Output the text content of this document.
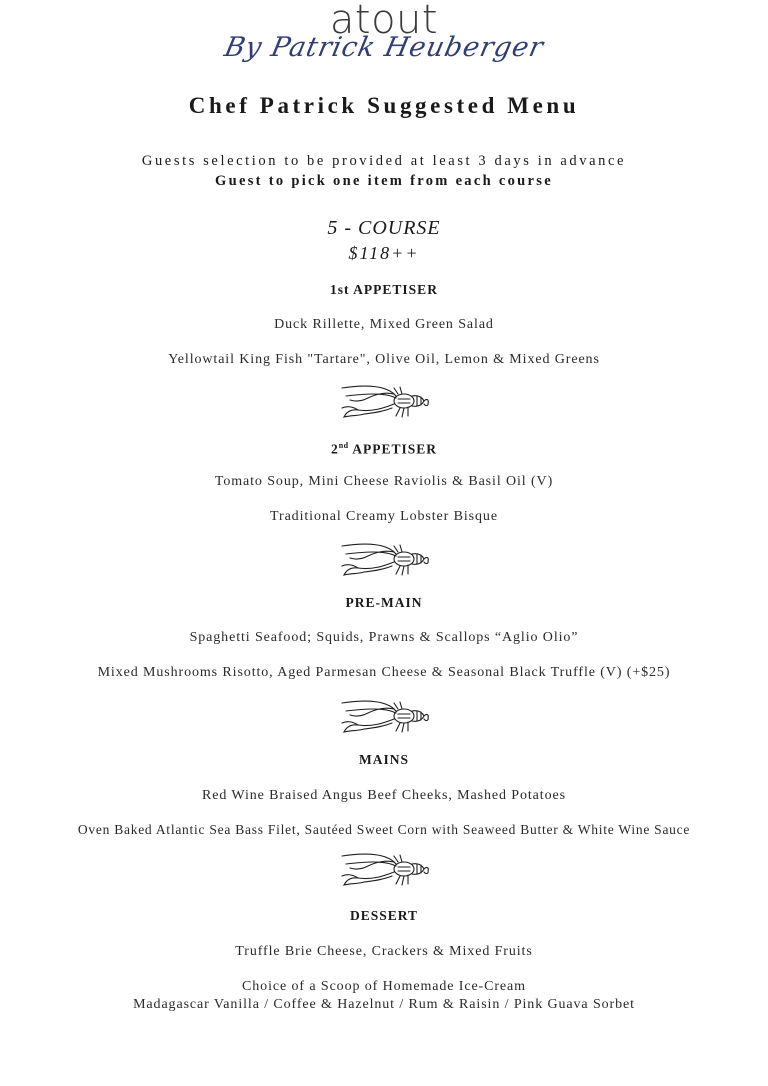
atout
By Patrick Heuberger
Chef Patrick Suggested Menu
Guests selection to be provided at least 3 days in advance
Guest to pick one item from each course
5 - COURSE
$118++
1st APPETISER
Duck Rillette, Mixed Green Salad
Yellowtail King Fish "Tartare", Olive Oil, Lemon & Mixed Greens
2nd APPETISER
Tomato Soup, Mini Cheese Raviolis & Basil Oil (V)
Traditional Creamy Lobster Bisque
PRE-MAIN
Spaghetti Seafood; Squids, Prawns & Scallops “Aglio Olio”
Mixed Mushrooms Risotto, Aged Parmesan Cheese & Seasonal Black Truffle (V) (+$25)
MAINS
Red Wine Braised Angus Beef Cheeks, Mashed Potatoes
Oven Baked Atlantic Sea Bass Filet, Sautéed Sweet Corn with Seaweed Butter & White Wine Sauce
DESSERT
Truffle Brie Cheese, Crackers & Mixed Fruits
Choice of a Scoop of Homemade Ice-Cream
Madagascar Vanilla / Coffee & Hazelnut / Rum & Raisin / Pink Guava Sorbet
